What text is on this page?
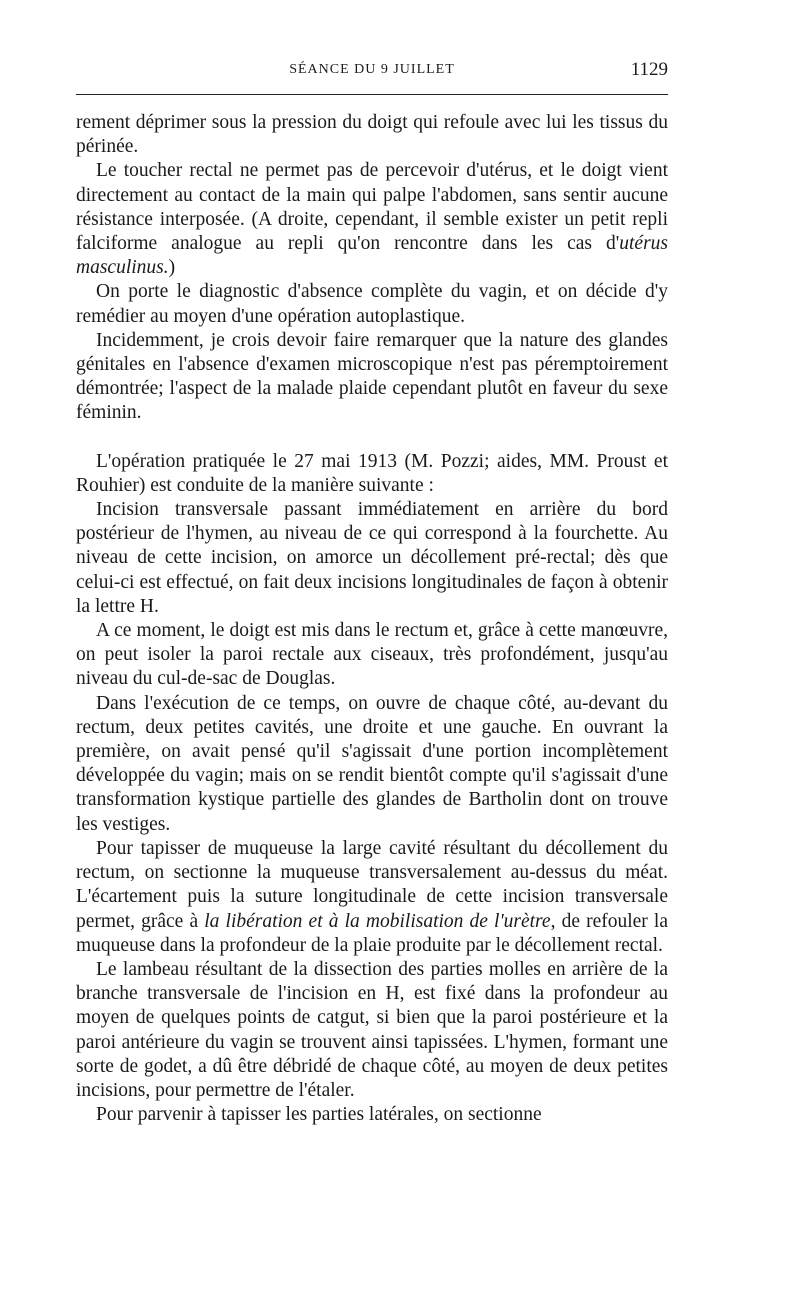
SÉANCE DU 9 JUILLET	1129

rement déprimer sous la pression du doigt qui refoule avec lui les tissus du périnée.

Le toucher rectal ne permet pas de percevoir d'utérus, et le doigt vient directement au contact de la main qui palpe l'abdomen, sans sentir aucune résistance interposée. (A droite, cependant, il semble exister un petit repli falciforme analogue au repli qu'on rencontre dans les cas d'utérus masculinus.)

On porte le diagnostic d'absence complète du vagin, et on décide d'y remédier au moyen d'une opération autoplastique.

Incidemment, je crois devoir faire remarquer que la nature des glandes génitales en l'absence d'examen microscopique n'est pas péremptoirement démontrée; l'aspect de la malade plaide cependant plutôt en faveur du sexe féminin.

L'opération pratiquée le 27 mai 1913 (M. Pozzi; aides, MM. Proust et Rouhier) est conduite de la manière suivante :

Incision transversale passant immédiatement en arrière du bord postérieur de l'hymen, au niveau de ce qui correspond à la fourchette. Au niveau de cette incision, on amorce un décollement pré-rectal; dès que celui-ci est effectué, on fait deux incisions longitudinales de façon à obtenir la lettre H.

A ce moment, le doigt est mis dans le rectum et, grâce à cette manœuvre, on peut isoler la paroi rectale aux ciseaux, très profondément, jusqu'au niveau du cul-de-sac de Douglas.

Dans l'exécution de ce temps, on ouvre de chaque côté, au-devant du rectum, deux petites cavités, une droite et une gauche. En ouvrant la première, on avait pensé qu'il s'agissait d'une portion incomplètement développée du vagin; mais on se rendit bientôt compte qu'il s'agissait d'une transformation kystique partielle des glandes de Bartholin dont on trouve les vestiges.

Pour tapisser de muqueuse la large cavité résultant du décollement du rectum, on sectionne la muqueuse transversalement au-dessus du méat. L'écartement puis la suture longitudinale de cette incision transversale permet, grâce à la libération et à la mobilisation de l'urètre, de refouler la muqueuse dans la profondeur de la plaie produite par le décollement rectal.

Le lambeau résultant de la dissection des parties molles en arrière de la branche transversale de l'incision en H, est fixé dans la profondeur au moyen de quelques points de catgut, si bien que la paroi postérieure et la paroi antérieure du vagin se trouvent ainsi tapissées. L'hymen, formant une sorte de godet, a dû être débridé de chaque côté, au moyen de deux petites incisions, pour permettre de l'étaler.

Pour parvenir à tapisser les parties latérales, on sectionne
